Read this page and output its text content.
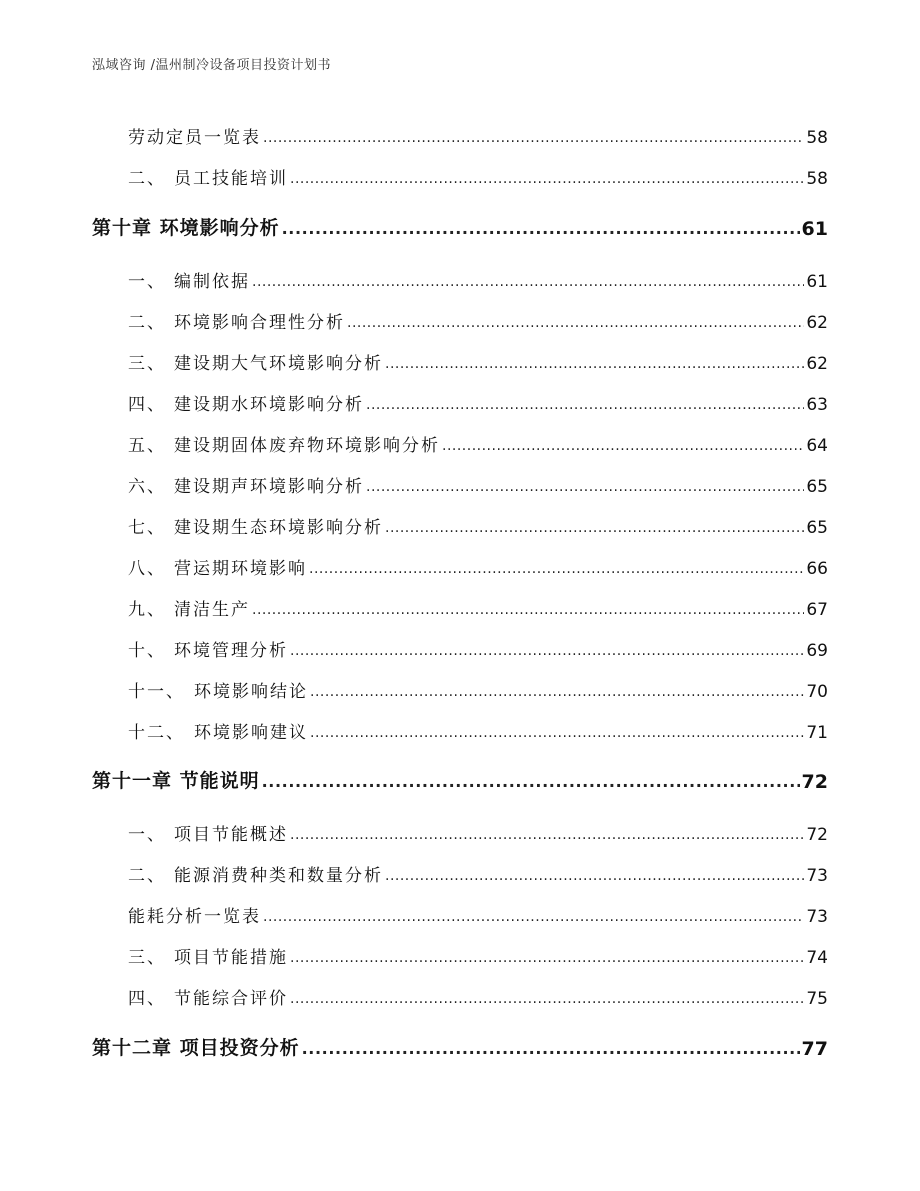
泓域咨询 /温州制冷设备项目投资计划书
劳动定员一览表 .....	58
二、 员工技能培训 .....	58
第十章 环境影响分析 .....	61
一、 编制依据 .....	61
二、 环境影响合理性分析 .....	62
三、 建设期大气环境影响分析 .....	62
四、 建设期水环境影响分析 .....	63
五、 建设期固体废弃物环境影响分析 .....	64
六、 建设期声环境影响分析 .....	65
七、 建设期生态环境影响分析 .....	65
八、 营运期环境影响 .....	66
九、 清洁生产 .....	67
十、 环境管理分析 .....	69
十一、 环境影响结论 .....	70
十二、 环境影响建议 .....	71
第十一章 节能说明 .....	72
一、 项目节能概述 .....	72
二、 能源消费种类和数量分析 .....	73
能耗分析一览表 .....	73
三、 项目节能措施 .....	74
四、 节能综合评价 .....	75
第十二章 项目投资分析 .....	77
